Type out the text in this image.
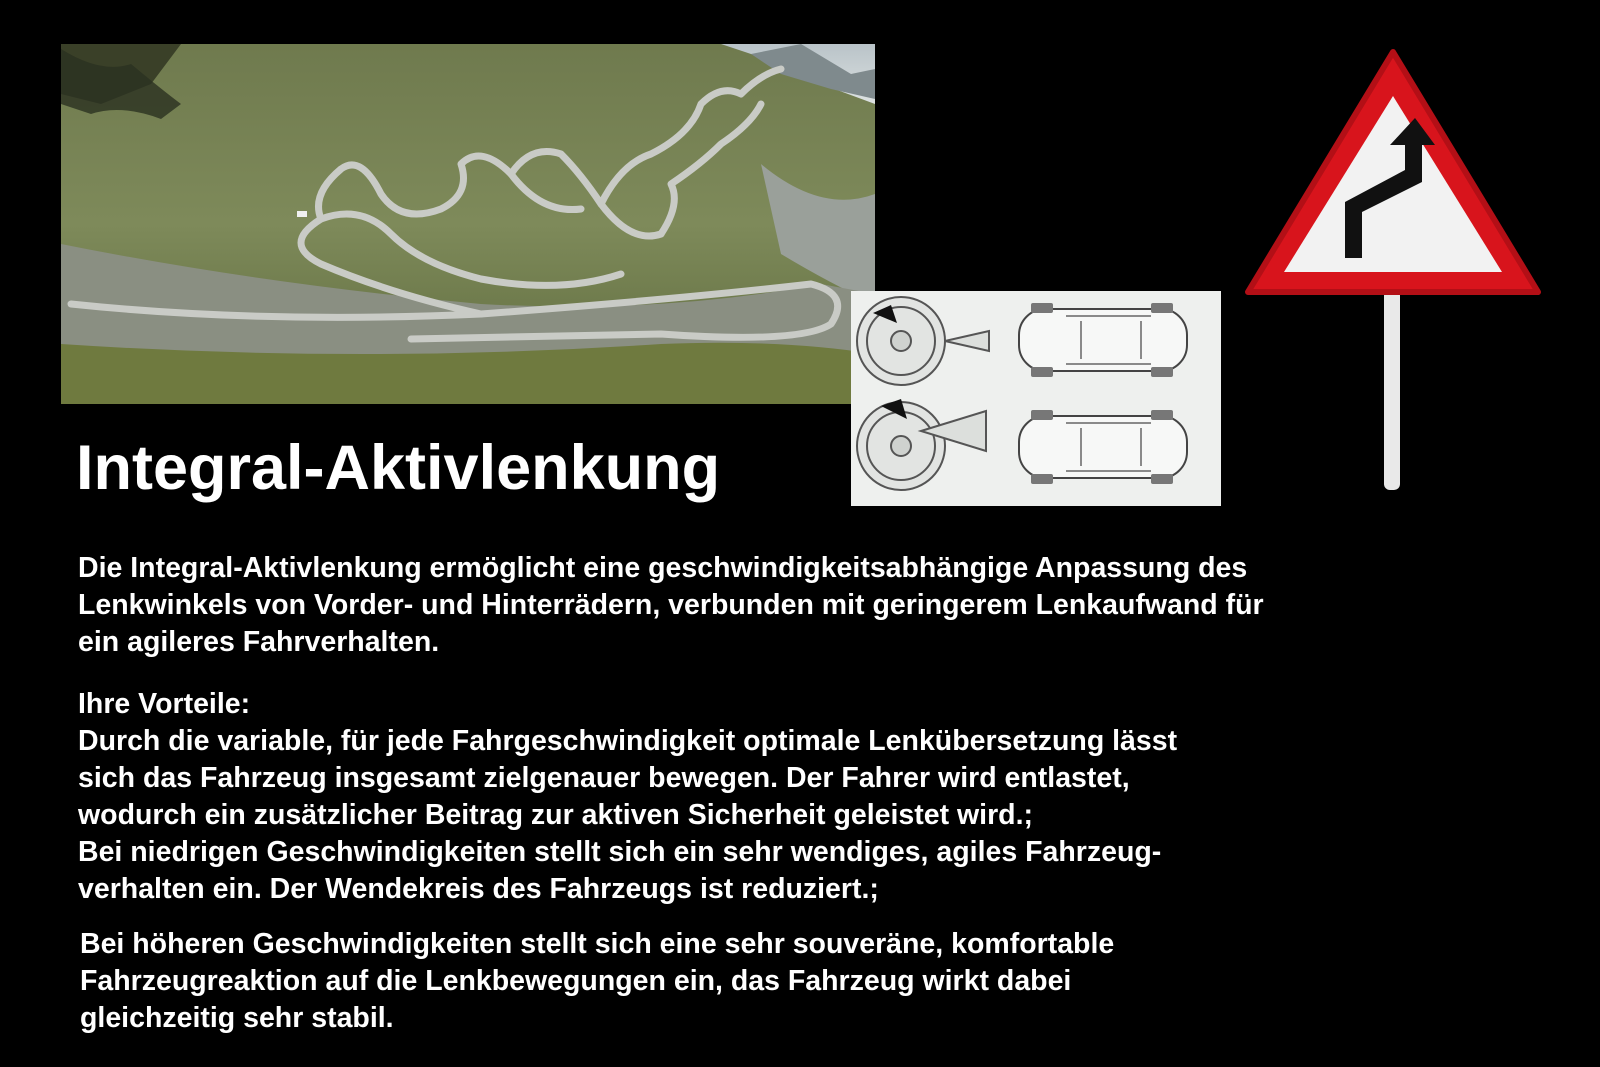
Integral-Aktivlenkung

Die Integral-Aktivlenkung ermöglicht eine geschwindigkeitsabhängige Anpassung des
Lenkwinkels von Vorder- und Hinterrädern, verbunden mit geringerem Lenkaufwand für
ein agileres Fahrverhalten.

Ihre Vorteile:
Durch die variable, für jede Fahrgeschwindigkeit optimale Lenkübersetzung lässt
sich das Fahrzeug insgesamt zielgenauer bewegen. Der Fahrer wird entlastet,
wodurch ein zusätzlicher Beitrag zur aktiven Sicherheit geleistet wird.;
Bei niedrigen Geschwindigkeiten stellt sich ein sehr wendiges, agiles Fahrzeug-
verhalten ein. Der Wendekreis des Fahrzeugs ist reduziert.;

Bei höheren Geschwindigkeiten stellt sich eine sehr souveräne, komfortable
Fahrzeugreaktion auf die Lenkbewegungen ein, das Fahrzeug wirkt dabei
gleichzeitig sehr stabil.
